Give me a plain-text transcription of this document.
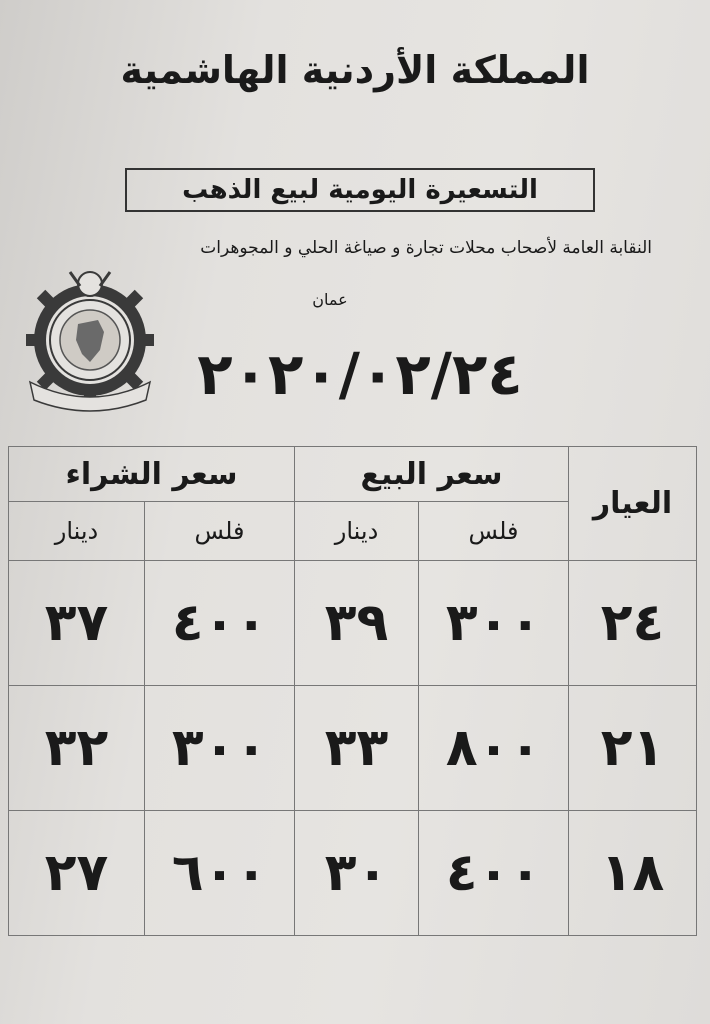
المملكة الأردنية الهاشمية
التسعيرة اليومية لبيع الذهب
النقابة العامة لأصحاب محلات تجارة و صياغة الحلي و المجوهرات
عمان
٢٠٢٠/٠٢/٢٤
العيار	سعر البيع		سعر الشراء	
	فلس	دينار	فلس	دينار
٢٤	٣٠٠	٣٩	٤٠٠	٣٧
٢١	٨٠٠	٣٣	٣٠٠	٣٢
١٨	٤٠٠	٣٠	٦٠٠	٢٧
